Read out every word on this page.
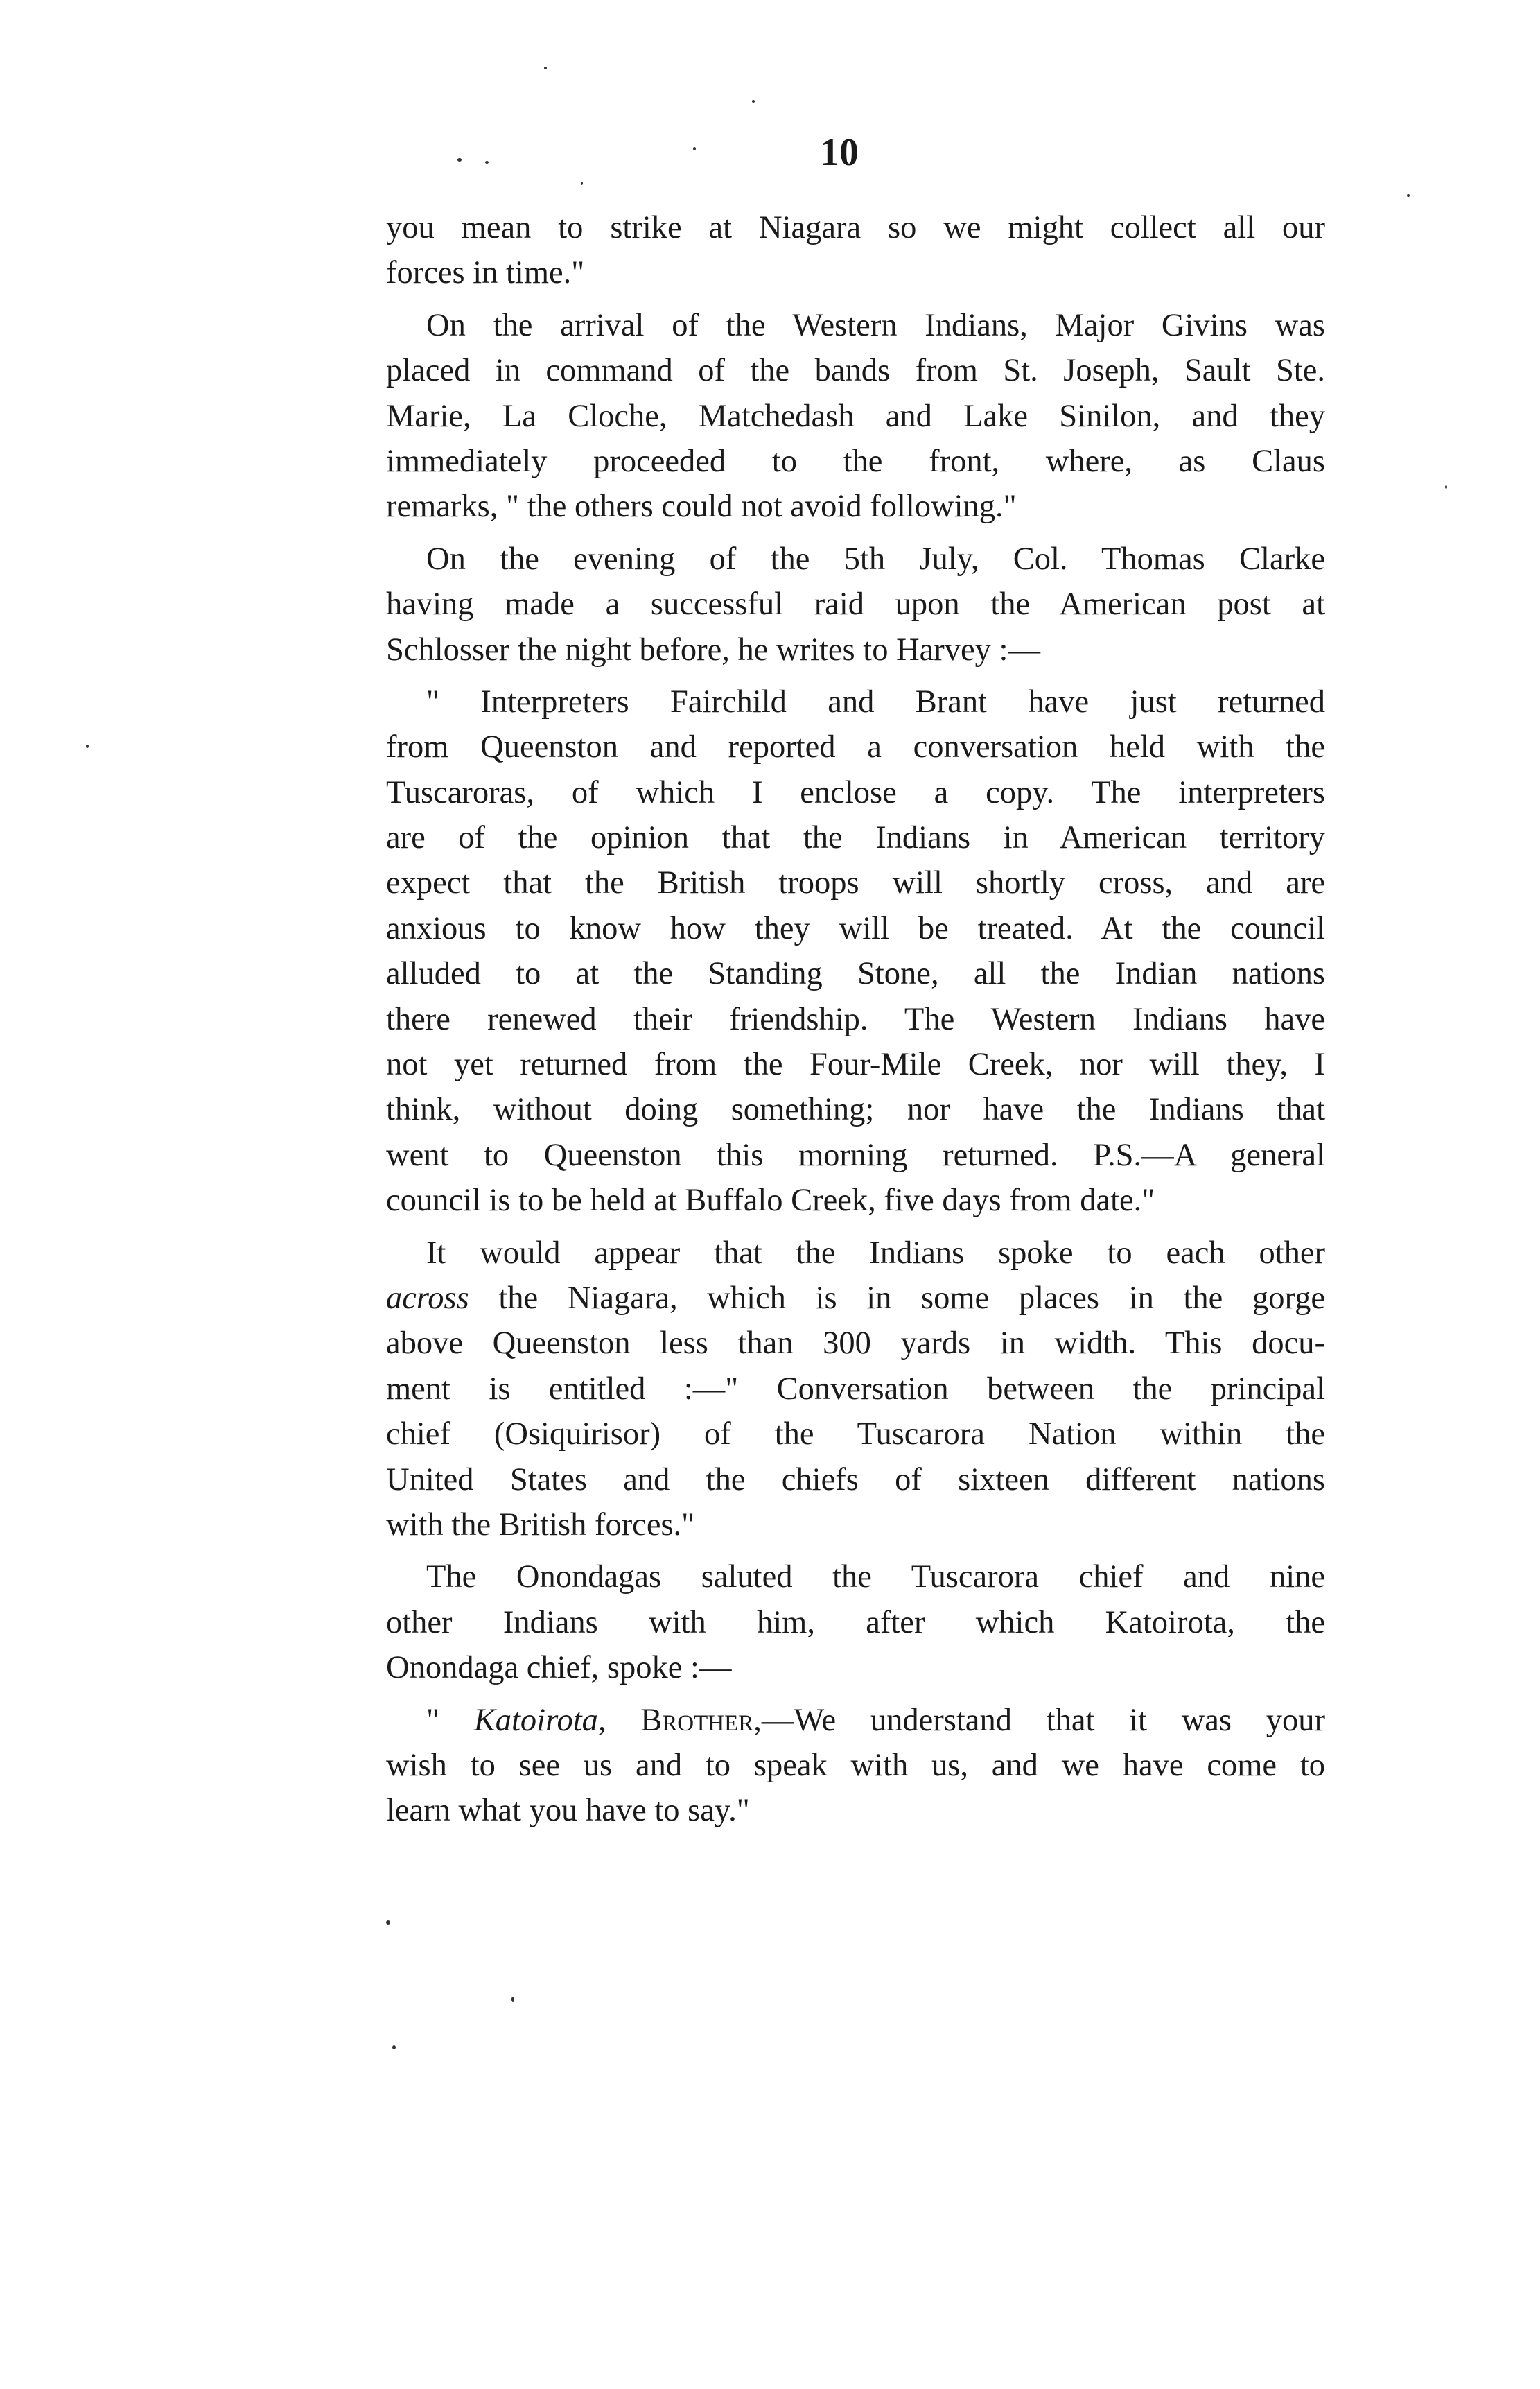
10
you mean to strike at Niagara so we might collect all our
forces in time."
On the arrival of the Western Indians, Major Givins was
placed in command of the bands from St. Joseph, Sault Ste.
Marie, La Cloche, Matchedash and Lake Sinilon, and they
immediately proceeded to the front, where, as Claus
remarks, " the others could not avoid following."
On the evening of the 5th July, Col. Thomas Clarke
having made a successful raid upon the American post at
Schlosser the night before, he writes to Harvey :—
" Interpreters Fairchild and Brant have just returned
from Queenston and reported a conversation held with the
Tuscaroras, of which I enclose a copy. The interpreters
are of the opinion that the Indians in American territory
expect that the British troops will shortly cross, and are
anxious to know how they will be treated. At the council
alluded to at the Standing Stone, all the Indian nations
there renewed their friendship. The Western Indians have
not yet returned from the Four-Mile Creek, nor will they, I
think, without doing something; nor have the Indians that
went to Queenston this morning returned. P.S.—A general
council is to be held at Buffalo Creek, five days from date."
It would appear that the Indians spoke to each other
across the Niagara, which is in some places in the gorge
above Queenston less than 300 yards in width. This docu-
ment is entitled :—" Conversation between the principal
chief (Osiquirisor) of the Tuscarora Nation within the
United States and the chiefs of sixteen different nations
with the British forces."
The Onondagas saluted the Tuscarora chief and nine
other Indians with him, after which Katoirota, the
Onondaga chief, spoke :—
" Katoirota, Brother,—We understand that it was your
wish to see us and to speak with us, and we have come to
learn what you have to say."
